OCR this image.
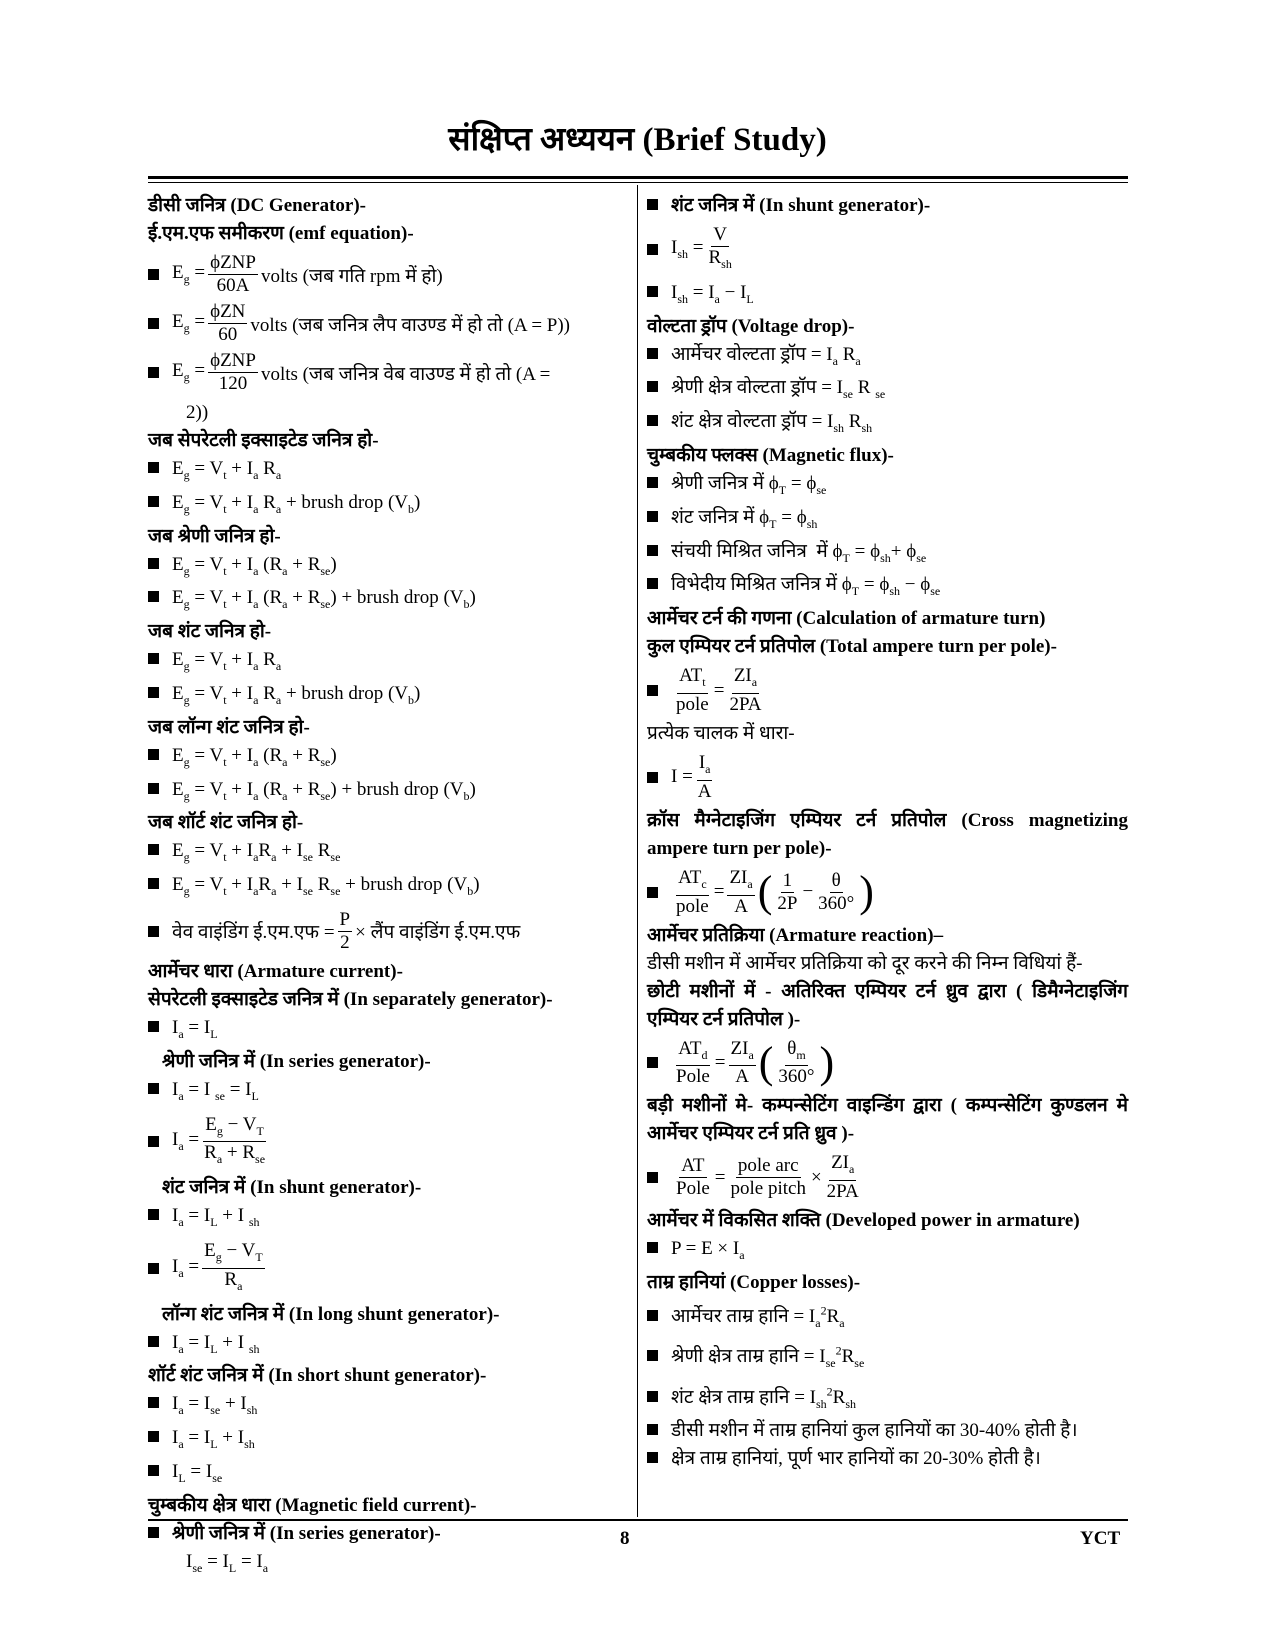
संक्षिप्त अध्ययन (Brief Study)
डीसी जनित्र (DC Generator)-
ई.एम.एफ समीकरण (emf equation)-
$E_g = \phi ZNP$
60A volts (जब गति rpm में हो)
$E_g = \phi ZN$
60 volts (जब जनित्र लैप वाउण्ड में हो तो (A = P))
$E_g = \phi ZNP$
120 volts (जब जनित्र वेब वाउण्ड में हो तो (A =
2))
जब सेपरेटली इक्साइटेड जनित्र हो-
$E_g = V_t + I_a$ $R_a$
$E_g = V_t + I_a$ $R_a$ + brush drop $(V_b)$
जब श्रेणी जनित्र हो-
$E_g = V_t + I_a$ $(R_a + R_{se})$
$E_g = V_t + I_a$ $(R_a + R_{se})$ + brush drop $(V_b)$
जब शंट जनित्र हो-
$E_g = V_t + I_a$ $R_a$
$E_g = V_t + I_a$ $R_a$ + brush drop $(V_b)$
जब लॉन्ग शंट जनित्र हो-
$E_g = V_t + I_a$ $(R_a + R_{se})$
$E_g = V_t + I_a$ $(R_a + R_{se})$ + brush drop $(V_b)$
जब शॉर्ट शंट जनित्र हो-
$E_g = V_t + I_aR_a + I_{se}$ $R_{se}$
$E_g = V_t + I_aR_a + I_{se}$ $R_{se}$ + brush drop $(V_b)$
वेव वाइंडिंग ई.एम.एफ = $\frac{P}{2}$ × लैंप वाइंडिंग ई.एम.एफ
आर्मेचर धारा (Armature current)-
सेपरेटली इक्साइटेड जनित्र में (In separately generator)-
$I_a = I_L$
श्रेणी जनित्र में (In series generator)-
$I_a = I$ $_{se} = I_L$
$I_a$ =
$E_g - V_T$
$R_a + R_{se}$
शंट जनित्र में (In shunt generator)-
$I_a = I_L + I$ $_{sh}$
$I_a = \frac{E_g - V_T}{R_a}$
लॉन्ग शंट जनित्र में (In long shunt generator)-
$I_a = I_L + I$ $_{sh}$
शॉर्ट शंट जनित्र में (In short shunt generator)-
$I_a = I_{se} + I_{sh}$
$I_a = I_L + I_{sh}$
$I_L = I_{se}$
चुम्बकीय क्षेत्र धारा (Magnetic field current)-
श्रेणी जनित्र में (In series generator)-
$I_{se} = I_L = I_a$
शंट जनित्र में (In shunt generator)-
$I_{sh}$ =
V
$R_{sh}$
$I_{sh} = I_a - I_L$
वोल्टता ड्रॉप (Voltage drop)-
आर्मेचर वोल्टता ड्रॉप = $I_a$ $R_a$
श्रेणी क्षेत्र वोल्टता ड्रॉप = $I_{se}$ R $_{se}$
शंट क्षेत्र वोल्टता ड्रॉप = $I_{sh}$ $R_{sh}$
चुम्बकीय फ्लक्स (Magnetic flux)-
श्रेणी जनित्र में $\phi_T = \phi_{se}$
शंट जनित्र में $\phi_T = \phi_{sh}$
संचयी मिश्रित जनित्र  में $\phi_T = \phi_{sh}+ \phi_{se}$
विभेदीय मिश्रित जनित्र में $\phi_T = \phi_{sh} - \phi_{se}$
आर्मेचर टर्न की गणना (Calculation of armature turn)
कुल एम्पियर टर्न प्रतिपोल (Total ampere turn per pole)-
$AT_t$
pole
=
$ZI_a$
2PA
प्रत्येक चालक में धारा-
$I = \frac{I_a}{A}$
क्रॉस मैग्नेटाइजिंग एम्पियर टर्न प्रतिपोल (Cross magnetizing ampere turn per pole)-
$AT_c$
pole
=
$ZI_a$
A ( 1
2P
− $\frac{\theta}{360^\circ}$ )
आर्मेचर प्रतिक्रिया (Armature reaction)–
डीसी मशीन में आर्मेचर प्रतिक्रिया को दूर करने की निम्न विधियां हैं-
छोटी मशीनों में - अतिरिक्त एम्पियर टर्न ध्रुव द्वारा ( डिमैग्नेटाइजिंग एम्पियर टर्न प्रतिपोल )-
$AT_d$
Pole
=
$ZI_a$
A ( $\theta_m$
360° )
बड़ी मशीनों मे- कम्पन्सेटिंग वाइन्डिंग द्वारा ( कम्पन्सेटिंग कुण्डलन मे आर्मेचर एम्पियर टर्न प्रति ध्रुव )-
AT
Pole
=
pole arc
pole pitch
×
$ZI_a$
2PA
आर्मेचर में विकसित शक्ति (Developed power in armature)
$P = E \times I_a$
ताम्र हानियां (Copper losses)-
आर्मेचर ताम्र हानि = $I_a^2R_a$
श्रेणी क्षेत्र ताम्र हानि = $I_{se}^2R_{se}$
शंट क्षेत्र ताम्र हानि = $I_{sh}^2R_{sh}$
डीसी मशीन में ताम्र हानियां कुल हानियों का 30-40% होती है।
क्षेत्र ताम्र हानियां, पूर्ण भार हानियों का 20-30% होती है।
8	YCT
